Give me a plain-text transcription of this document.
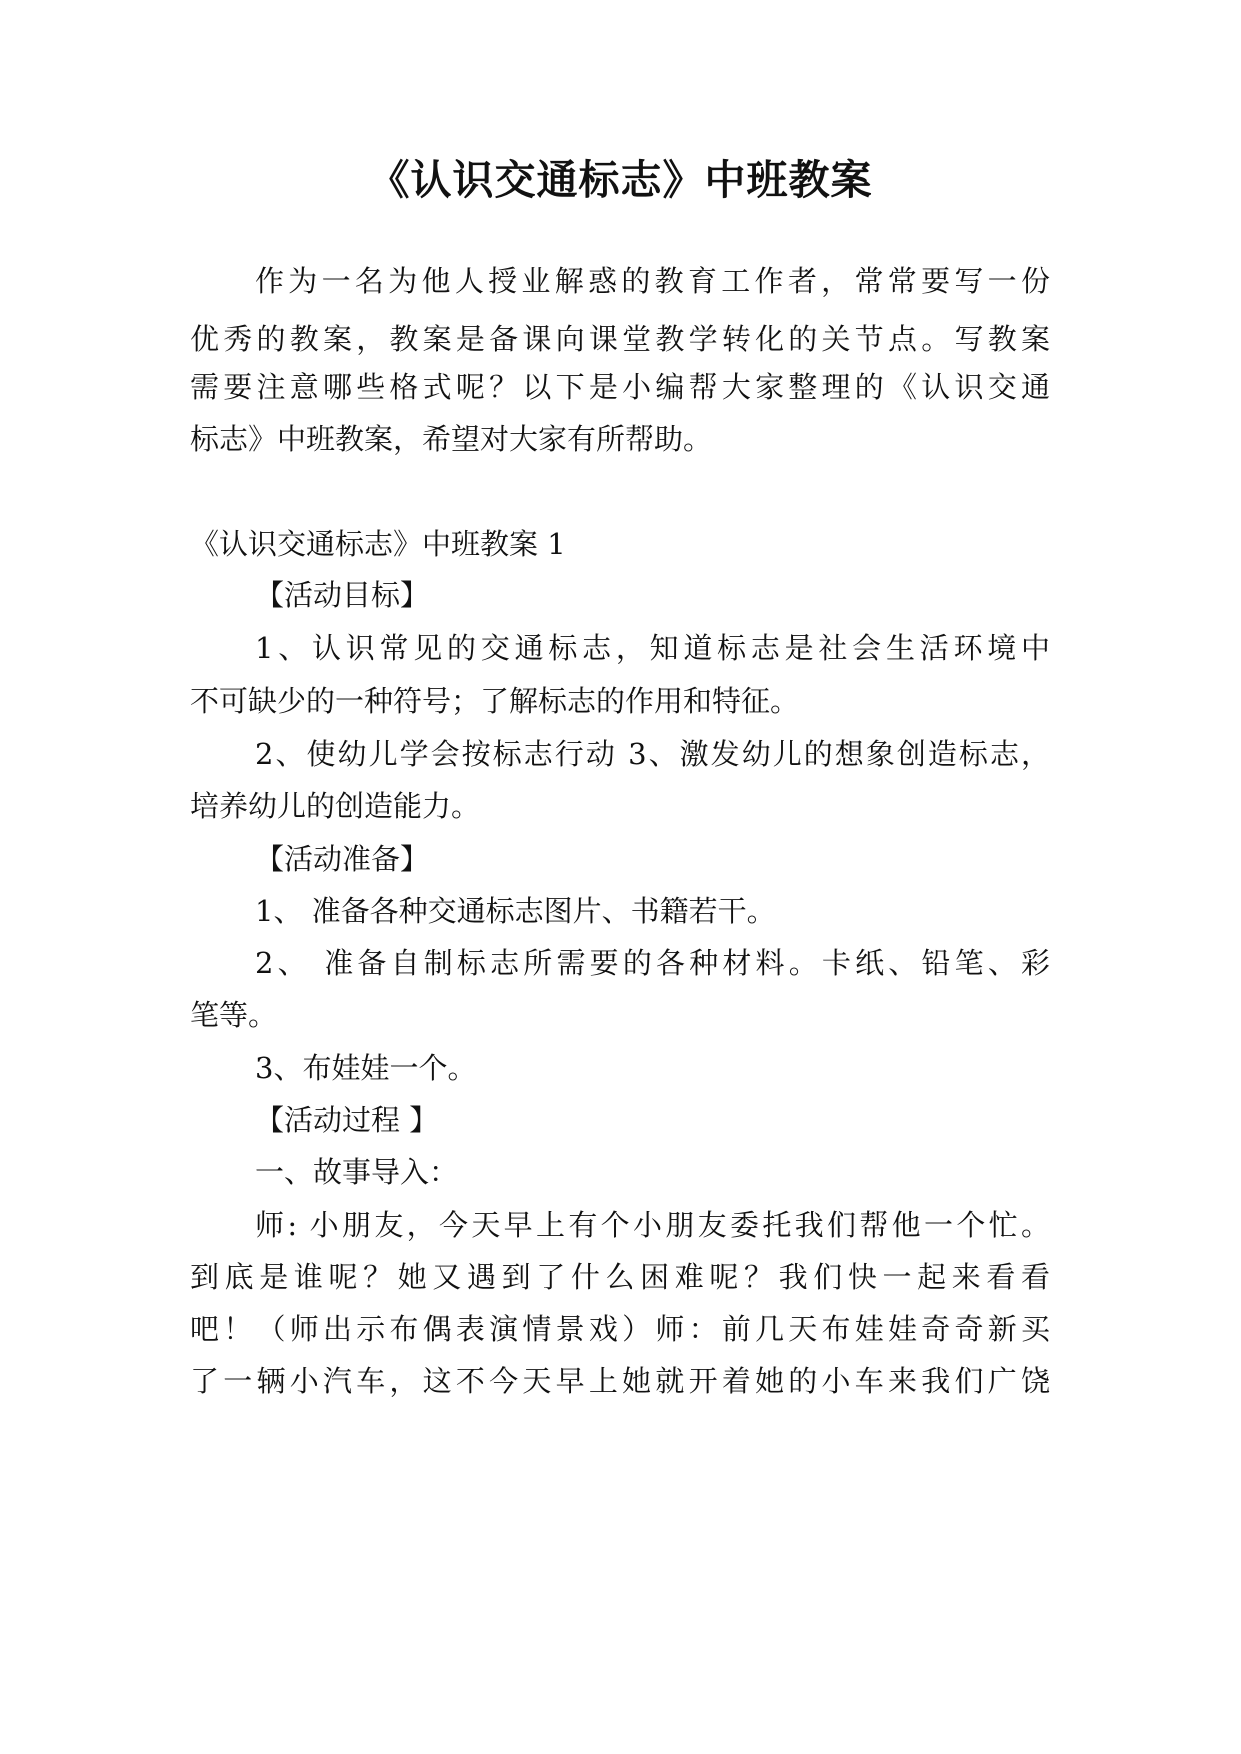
《认识交通标志》中班教案
作为一名为他人授业解惑的教育工作者，常常要写一份
优秀的教案，教案是备课向课堂教学转化的关节点。写教案
需要注意哪些格式呢？以下是小编帮大家整理的《认识交通
标志》中班教案，希望对大家有所帮助。
《认识交通标志》中班教案 1
【活动目标】
1、认识常见的交通标志，知道标志是社会生活环境中
不可缺少的一种符号；了解标志的作用和特征。
2、使幼儿学会按标志行动 3、激发幼儿的想象创造标志，
培养幼儿的创造能力。
【活动准备】
1、 准备各种交通标志图片、书籍若干。
2、 准备自制标志所需要的各种材料。卡纸、铅笔、彩
笔等。
3、布娃娃一个。
【活动过程 】
一、故事导入：
师: 小朋友，今天早上有个小朋友委托我们帮他一个忙。
到底是谁呢？她又遇到了什么困难呢？我们快一起来看看
吧！（师出示布偶表演情景戏）师：前几天布娃娃奇奇新买
了一辆小汽车，这不今天早上她就开着她的小车来我们广饶
